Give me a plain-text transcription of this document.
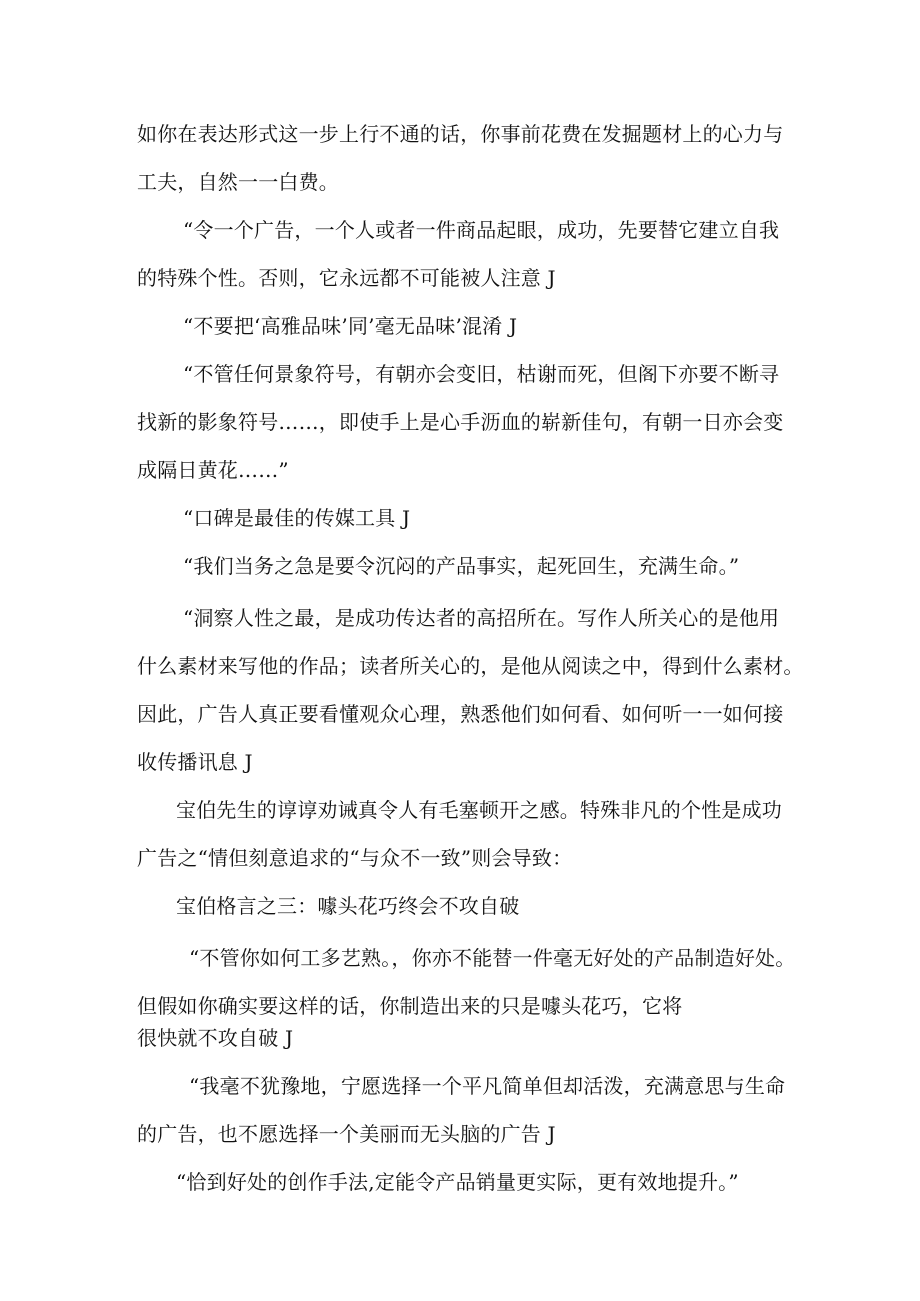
如你在表达形式这一步上行不通的话，你事前花费在发掘题材上的心力与
工夫，自然一一白费。
“令一个广告，一个人或者一件商品起眼，成功，先要替它建立自我
的特殊个性。否则，它永远都不可能被人注意 J
“不要把‘高雅品味’同’毫无品味’混淆 J
“不管任何景象符号，有朝亦会变旧，枯谢而死，但阁下亦要不断寻
找新的影象符号……，即使手上是心手沥血的崭新佳句，有朝一日亦会变
成隔日黄花……”
“口碑是最佳的传媒工具 J
“我们当务之急是要令沉闷的产品事实，起死回生，充满生命。”
“洞察人性之最，是成功传达者的高招所在。写作人所关心的是他用
什么素材来写他的作品；读者所关心的，是他从阅读之中，得到什么素材。
因此，广告人真正要看懂观众心理，熟悉他们如何看、如何听一一如何接
收传播讯息 J
宝伯先生的谆谆劝诫真令人有毛塞顿开之感。特殊非凡的个性是成功
广告之“情但刻意追求的“与众不一致”则会导致：
宝伯格言之三：噱头花巧终会不攻自破
“不管你如何工多艺熟。，你亦不能替一件毫无好处的产品制造好处。
但假如你确实要这样的话，你制造出来的只是噱头花巧，它将
很快就不攻自破 J
“我毫不犹豫地，宁愿选择一个平凡简单但却活泼，充满意思与生命
的广告，也不愿选择一个美丽而无头脑的广告 J
“恰到好处的创作手法,定能令产品销量更实际，更有效地提升。”
